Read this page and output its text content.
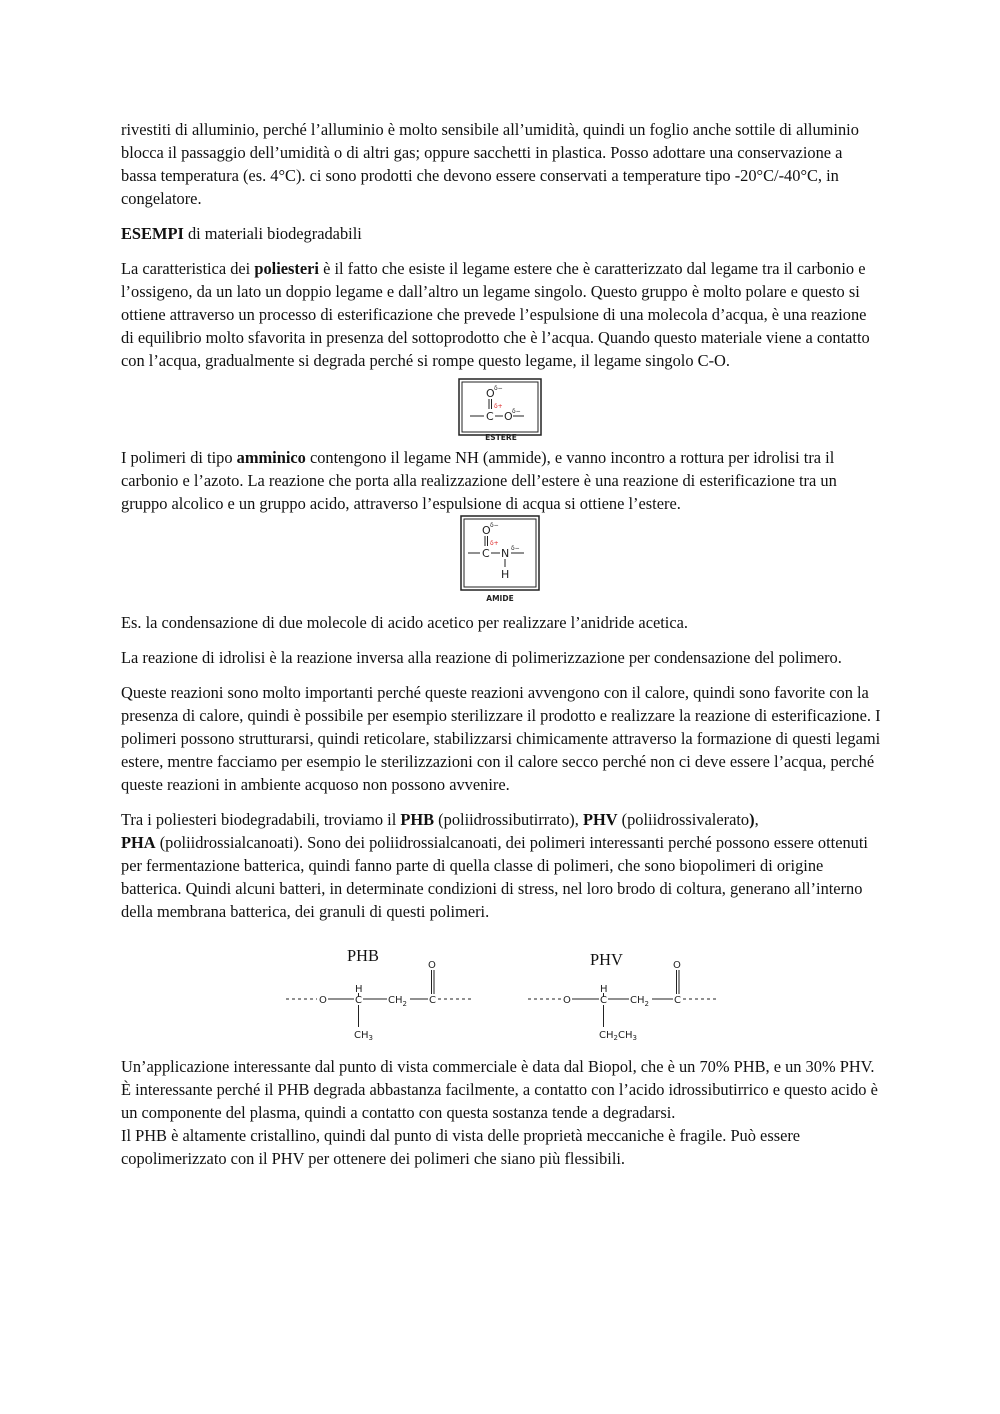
rivestiti di alluminio, perché l’alluminio è molto sensibile all’umidità, quindi un foglio anche sottile di alluminio blocca il passaggio dell’umidità o di altri gas; oppure sacchetti in plastica. Posso adottare una conservazione a bassa temperatura (es. 4°C). ci sono prodotti che devono essere conservati a temperature tipo -20°C/-40°C, in congelatore.

ESEMPI di materiali biodegradabili

La caratteristica dei poliesteri è il fatto che esiste il legame estere che è caratterizzato dal legame tra il carbonio e l’ossigeno, da un lato un doppio legame e dall’altro un legame singolo. Questo gruppo è molto polare e questo si ottiene attraverso un processo di esterificazione che prevede l’espulsione di una molecola d’acqua, è una reazione di equilibrio molto sfavorita in presenza del sottoprodotto che è l’acqua. Quando questo materiale viene a contatto con l’acqua, gradualmente si degrada perché si rompe questo legame, il legame singolo C-O.

O δ−
δ+
C O δ−
ESTERE

I polimeri di tipo amminico contengono il legame NH (ammide), e vanno incontro a rottura per idrolisi tra il carbonio e l’azoto. La reazione che porta alla realizzazione dell’estere è una reazione di esterificazione tra un gruppo alcolico e un gruppo acido, attraverso l’espulsione di acqua si ottiene l’estere.

O δ−
δ+
C N δ−
H
AMIDE

Es. la condensazione di due molecole di acido acetico per realizzare l’anidride acetica.

La reazione di idrolisi è la reazione inversa alla reazione di polimerizzazione per condensazione del polimero.

Queste reazioni sono molto importanti perché queste reazioni avvengono con il calore, quindi sono favorite con la presenza di calore, quindi è possibile per esempio sterilizzare il prodotto e realizzare la reazione di esterificazione. I polimeri possono strutturarsi, quindi reticolare, stabilizzarsi chimicamente attraverso la formazione di questi legami estere, mentre facciamo per esempio le sterilizzazioni con il calore secco perché non ci deve essere l’acqua, perché queste reazioni in ambiente acquoso non possono avvenire.

Tra i poliesteri biodegradabili, troviamo il PHB (poliidrossibutirrato), PHV (poliidrossivalerato),
PHA (poliidrossialcanoati). Sono dei poliidrossialcanoati, dei polimeri interessanti perché possono essere ottenuti per fermentazione batterica, quindi fanno parte di quella classe di polimeri, che sono biopolimeri di origine batterica. Quindi alcuni batteri, in determinate condizioni di stress, nel loro brodo di coltura, generano all’interno della membrana batterica, dei granuli di questi polimeri.

PHB
O
H
C	$CH_2$ C
O
$CH_3$
PHV
O
H
C $CH_2$	C
O
$CH_2CH_3$

Un’applicazione interessante dal punto di vista commerciale è data dal Biopol, che è un 70% PHB, e un 30% PHV. È interessante perché il PHB degrada abbastanza facilmente, a contatto con l’acido idrossibutirrico e questo acido è un componente del plasma, quindi a contatto con questa sostanza tende a degradarsi.
Il PHB è altamente cristallino, quindi dal punto di vista delle proprietà meccaniche è fragile. Può essere copolimerizzato con il PHV per ottenere dei polimeri che siano più flessibili.
